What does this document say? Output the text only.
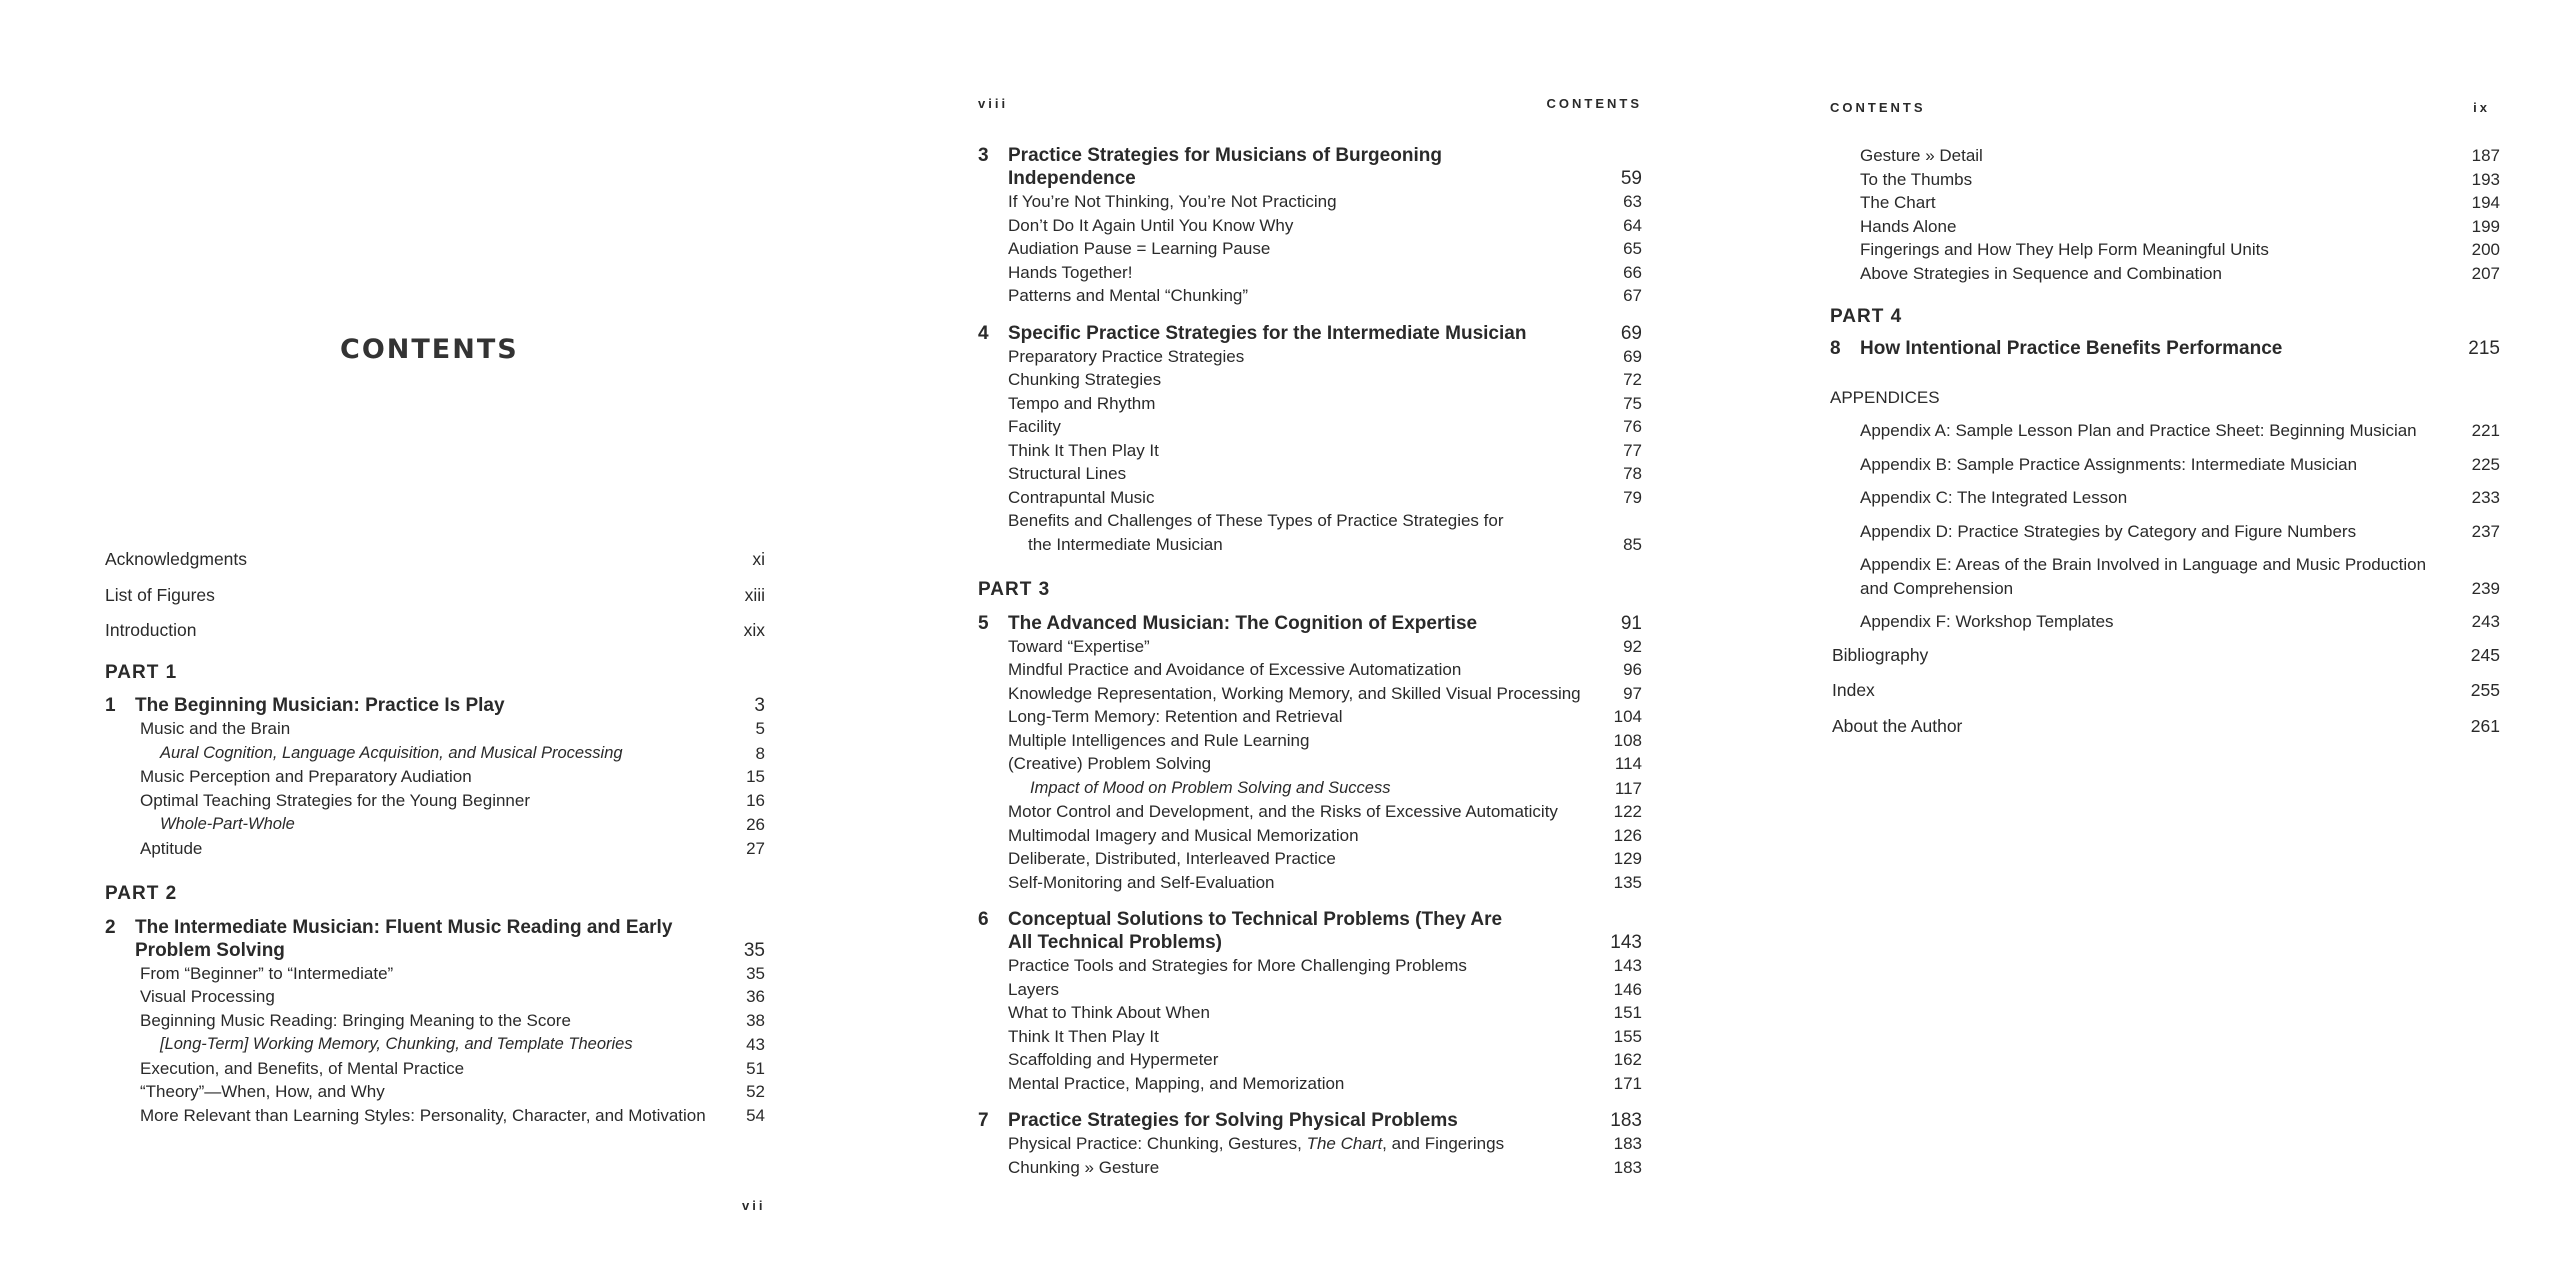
CONTENTS
Acknowledgments	xi
List of Figures	xiii
Introduction	xix
PART 1
1 The Beginning Musician: Practice Is Play	3
Music and the Brain	5
Aural Cognition, Language Acquisition, and Musical Processing	8
Music Perception and Preparatory Audiation	15
Optimal Teaching Strategies for the Young Beginner	16
Whole-Part-Whole	26
Aptitude	27
PART 2
2 The Intermediate Musician: Fluent Music Reading and Early
Problem Solving	35
From “Beginner” to “Intermediate”	35
Visual Processing	36
Beginning Music Reading: Bringing Meaning to the Score	38
[Long-Term] Working Memory, Chunking, and Template Theories	43
Execution, and Benefits, of Mental Practice	51
“Theory”—When, How, and Why	52
More Relevant than Learning Styles: Personality, Character, and Motivation 54
vii
viii	CONTENTS
3 Practice Strategies for Musicians of Burgeoning
Independence	59
If You’re Not Thinking, You’re Not Practicing	63
Don’t Do It Again Until You Know Why	64
Audiation Pause = Learning Pause	65
Hands Together!	66
Patterns and Mental “Chunking”	67
4 Specific Practice Strategies for the Intermediate Musician	69
Preparatory Practice Strategies	69
Chunking Strategies	72
Tempo and Rhythm	75
Facility	76
Think It Then Play It	77
Structural Lines	78
Contrapuntal Music	79
Benefits and Challenges of These Types of Practice Strategies for
the Intermediate Musician	85
PART 3
5 The Advanced Musician: The Cognition of Expertise	91
Toward “Expertise”	92
Mindful Practice and Avoidance of Excessive Automatization	96
Knowledge Representation, Working Memory, and Skilled Visual Processing 97
Long-Term Memory: Retention and Retrieval	104
Multiple Intelligences and Rule Learning	108
(Creative) Problem Solving	114
Impact of Mood on Problem Solving and Success	117
Motor Control and Development, and the Risks of Excessive Automaticity	122
Multimodal Imagery and Musical Memorization	126
Deliberate, Distributed, Interleaved Practice	129
Self-Monitoring and Self-Evaluation	135
6 Conceptual Solutions to Technical Problems (They Are
All Technical Problems)	143
Practice Tools and Strategies for More Challenging Problems	143
Layers	146
What to Think About When	151
Think It Then Play It	155
Scaffolding and Hypermeter	162
Mental Practice, Mapping, and Memorization	171
7 Practice Strategies for Solving Physical Problems	183
Physical Practice: Chunking, Gestures, The Chart, and Fingerings	183
Chunking » Gesture	183
CONTENTS	ix
Gesture » Detail	187
To the Thumbs	193
The Chart	194
Hands Alone	199
Fingerings and How They Help Form Meaningful Units	200
Above Strategies in Sequence and Combination	207
PART 4
8 How Intentional Practice Benefits Performance	215
APPENDICES
Appendix A: Sample Lesson Plan and Practice Sheet: Beginning Musician	221
Appendix B: Sample Practice Assignments: Intermediate Musician	225
Appendix C: The Integrated Lesson	233
Appendix D: Practice Strategies by Category and Figure Numbers	237
Appendix E: Areas of the Brain Involved in Language and Music Production
and Comprehension	239
Appendix F: Workshop Templates	243
Bibliography	245
Index	255
About the Author	261
